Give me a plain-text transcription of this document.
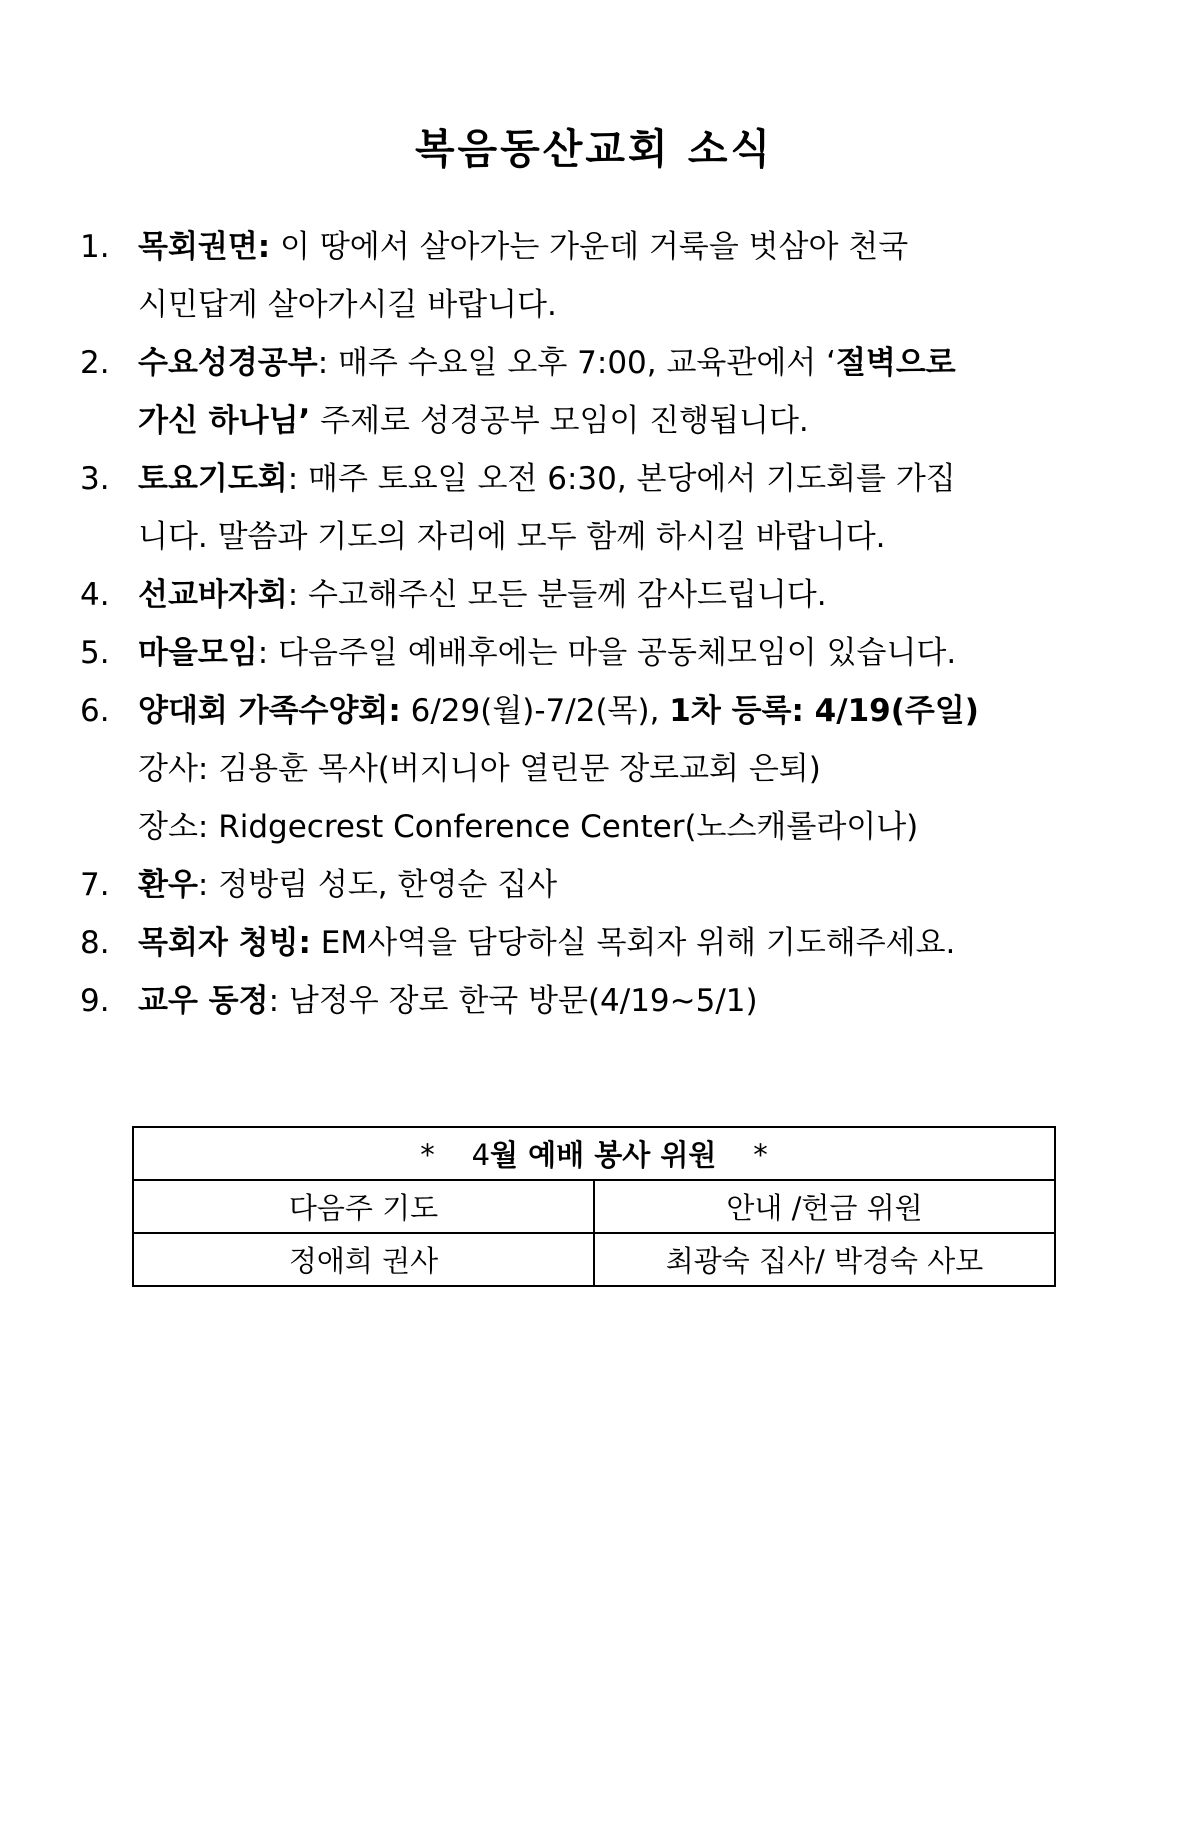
복음동산교회 소식
1. 목회권면: 이 땅에서 살아가는 가운데 거룩을 벗삼아 천국
시민답게 살아가시길 바랍니다.
2. 수요성경공부: 매주 수요일 오후 7:00, 교육관에서 ‘절벽으로
가신 하나님’ 주제로 성경공부 모임이 진행됩니다.
3. 토요기도회: 매주 토요일 오전 6:30, 본당에서 기도회를 가집
니다. 말씀과 기도의 자리에 모두 함께 하시길 바랍니다.
4. 선교바자회: 수고해주신 모든 분들께 감사드립니다.
5. 마을모임: 다음주일 예배후에는 마을 공동체모임이 있습니다.
6. 양대회 가족수양회: 6/29(월)-7/2(목), 1차 등록: 4/19(주일)
강사: 김용훈 목사(버지니아 열린문 장로교회 은퇴)
장소: Ridgecrest Conference Center(노스캐롤라이나)
7. 환우: 정방림 성도, 한영순 집사
8. 목회자 청빙: EM사역을 담당하실 목회자 위해 기도해주세요.
9. 교우 동정: 남정우 장로 한국 방문(4/19~5/1)
*    4월 예배 봉사 위원    *	
다음주 기도	안내 /헌금 위원
정애희 권사	최광숙 집사/ 박경숙 사모
